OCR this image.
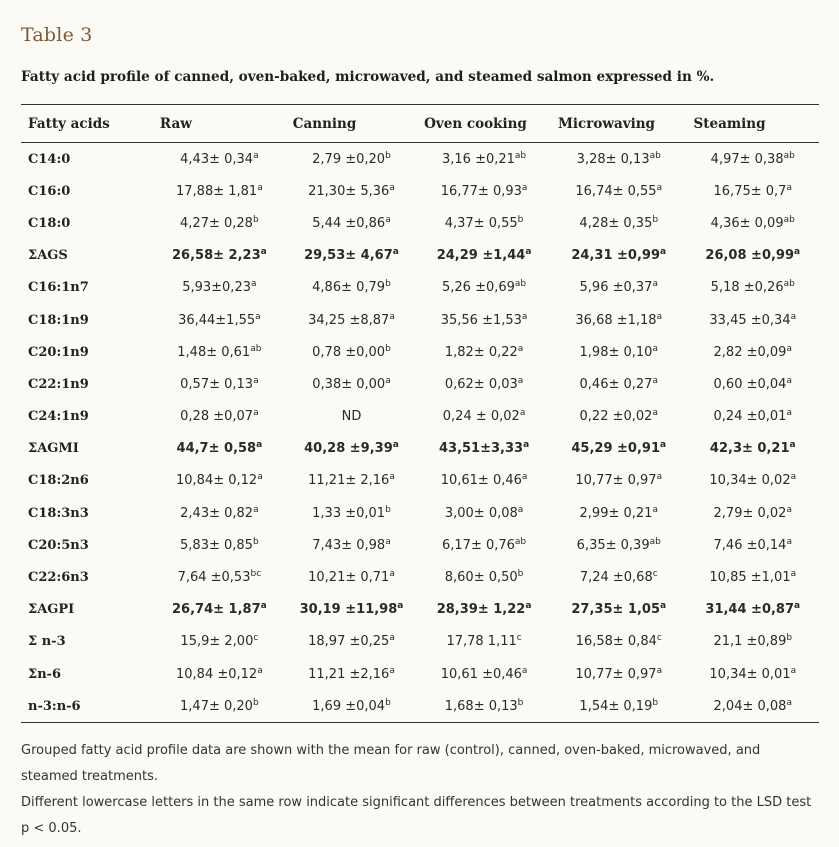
Table 3
Fatty acid profile of canned, oven-baked, microwaved, and steamed salmon expressed in %.
Fatty acids	Raw	Canning	Oven cooking	Microwaving	Steaming
C14:0	4,43± 0,34$^a$	2,79 ±0,20$^b$	3,16 ±0,21$^{ab}$	3,28± 0,13$^{ab}$	4,97± 0,38$^{ab}$
C16:0	17,88± 1,81$^a$	21,30± 5,36$^a$	16,77± 0,93$^a$	16,74± 0,55$^a$	16,75± 0,7$^a$
C18:0	4,27± 0,28$^b$	5,44 ±0,86$^a$	4,37± 0,55$^b$	4,28± 0,35$^b$	4,36± 0,09$^{ab}$
ΣAGS	26,58± 2,23$^a$	29,53± 4,67$^a$	24,29 ±1,44$^a$	24,31 ±0,99$^a$	26,08 ±0,99$^a$
C16:1n7	5,93±0,23$^a$	4,86± 0,79$^b$	5,26 ±0,69$^{ab}$	5,96 ±0,37$^a$	5,18 ±0,26$^{ab}$
C18:1n9	36,44±1,55$^a$	34,25 ±8,87$^a$	35,56 ±1,53$^a$	36,68 ±1,18$^a$	33,45 ±0,34$^a$
C20:1n9	1,48± 0,61$^{ab}$	0,78 ±0,00$^b$	1,82± 0,22$^a$	1,98± 0,10$^a$	2,82 ±0,09$^a$
C22:1n9	0,57± 0,13$^a$	0,38± 0,00$^a$	0,62± 0,03$^a$	0,46± 0,27$^a$	0,60 ±0,04$^a$
C24:1n9	0,28 ±0,07$^a$	ND	0,24 ± 0,02$^a$	0,22 ±0,02$^a$	0,24 ±0,01$^a$
ΣAGMI	44,7± 0,58$^a$	40,28 ±9,39$^a$	43,51±3,33$^a$	45,29 ±0,91$^a$	42,3± 0,21$^a$
C18:2n6	10,84± 0,12$^a$	11,21± 2,16$^a$	10,61± 0,46$^a$	10,77± 0,97$^a$	10,34± 0,02$^a$
C18:3n3	2,43± 0,82$^a$	1,33 ±0,01$^b$	3,00± 0,08$^a$	2,99± 0,21$^a$	2,79± 0,02$^a$
C20:5n3	5,83± 0,85$^b$	7,43± 0,98$^a$	6,17± 0,76$^{ab}$	6,35± 0,39$^{ab}$	7,46 ±0,14$^a$
C22:6n3	7,64 ±0,53$^{bc}$	10,21± 0,71$^a$	8,60± 0,50$^b$	7,24 ±0,68$^c$	10,85 ±1,01$^a$
ΣAGPI	26,74± 1,87$^a$	30,19 ±11,98$^a$	28,39± 1,22$^a$	27,35± 1,05$^a$	31,44 ±0,87$^a$
Σ n-3	15,9± 2,00$^c$	18,97 ±0,25$^a$	17,78 1,11$^c$	16,58± 0,84$^c$	21,1 ±0,89$^b$
Σn-6	10,84 ±0,12$^a$	11,21 ±2,16$^a$	10,61 ±0,46$^a$	10,77± 0,97$^a$	10,34± 0,01$^a$
n-3:n-6	1,47± 0,20$^b$	1,69 ±0,04$^b$	1,68± 0,13$^b$	1,54± 0,19$^b$	2,04± 0,08$^a$

Grouped fatty acid profile data are shown with the mean for raw (control), canned, oven-baked, microwaved, and steamed treatments.

Different lowercase letters in the same row indicate significant differences between treatments according to the LSD test p < 0.05.
